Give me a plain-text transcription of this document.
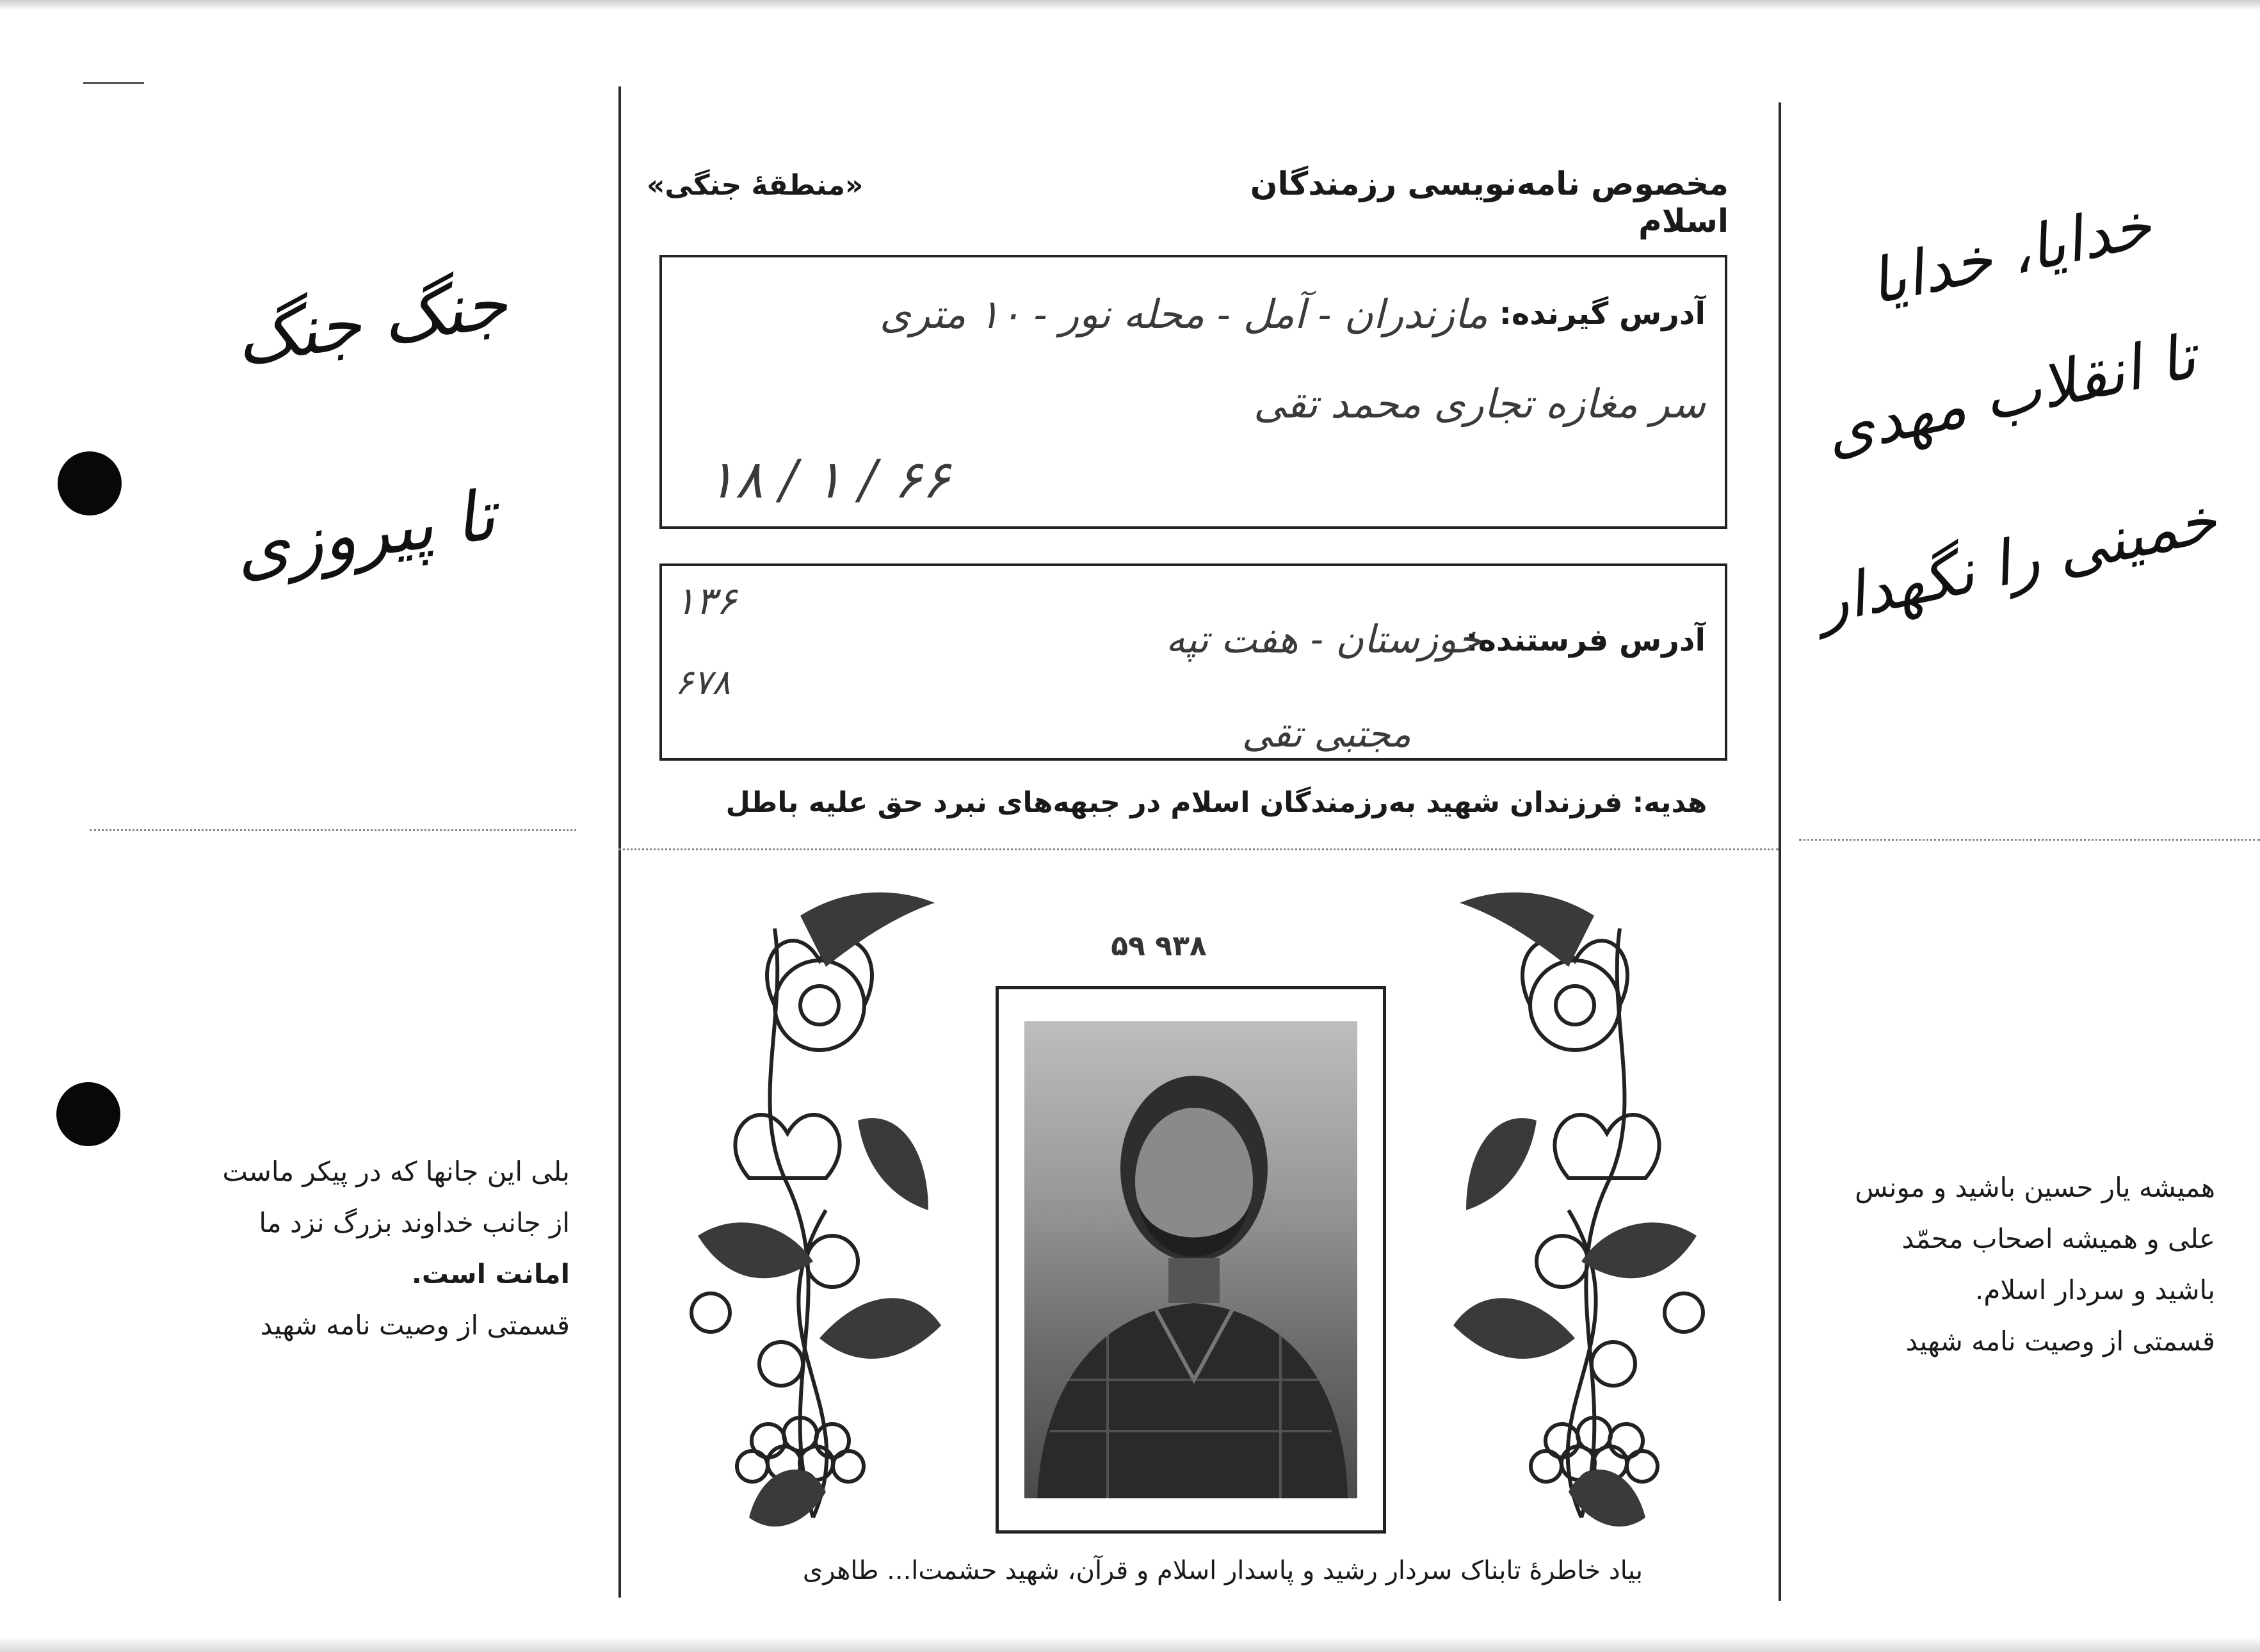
مخصوص نامه‌نویسی رزمندگان اسلام
«منطقهٔ جنگی»
آدرس گیرنده:
مازندران - آمل - محله نور - ۱۰ متری
سر مغازه تجاری محمد تقی
۱۸ / ۱ / ۶۶
آدرس فرستنده:
خوزستان - هفت تپه
۱۳۶
۶۷۸
مجتبی تقی
هدیه: فرزندان شهید به‌رزمندگان اسلام در جبهه‌های نبرد حق علیه باطل
۵۹ ۹۳۸
بیاد خاطرهٔ تابناک سردار رشید و پاسدار اسلام و قرآن، شهید حشمت‌ا... طاهری
جنگ جنگ
تا پیروزی
بلی این جانها که در پیکر ماست
از جانب خداوند بزرگ نزد ما
امانت است.
قسمتی از وصیت نامه شهید
خدایا، خدایا
تا انقلاب مهدی
خمینی را نگهدار
همیشه یار حسین باشید و مونس
علی و همیشه اصحاب محمّد
باشید و سردار اسلام.
قسمتی از وصیت نامه شهید
